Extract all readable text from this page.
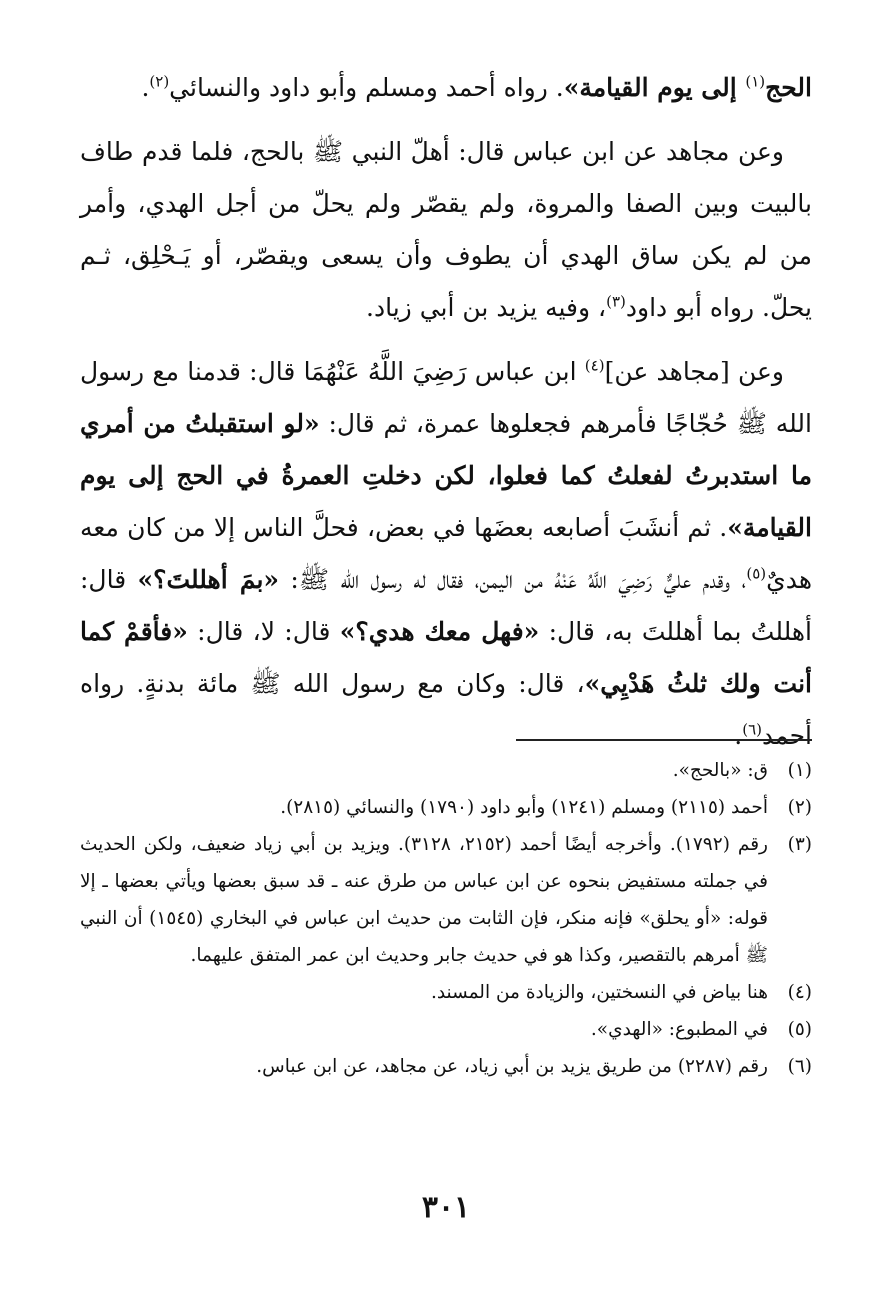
الحج$^{(١)}$ إلى يوم القيامة». رواه أحمد ومسلم وأبو داود والنسائي$^{(٢)}$.

وعن مجاهد عن ابن عباس قال: أهلّ النبي ﷺ بالحج، فلما قدم طاف بالبيت وبين الصفا والمروة، ولم يقصّر ولم يحلّ من أجل الهدي، وأمر من لم يكن ساق الهدي أن يطوف وأن يسعى ويقصّر، أو يَـحْلِق، ثـم يحلّ. رواه أبو داود$^{(٣)}$، وفيه يزيد بن أبي زياد.

وعن [مجاهد عن]$^{(٤)}$ ابن عباس رَضِيَ اللَّهُ عَنْهُمَا قال: قدمنا مع رسول الله ﷺ حُجّاجًا فأمرهم فجعلوها عمرة، ثم قال: «لو استقبلتُ من أمري ما استدبرتُ لفعلتُ كما فعلوا، لكن دخلتِ العمرةُ في الحج إلى يوم القيامة». ثم أنشَبَ أصابعه بعضَها في بعض، فحلَّ الناس إلا من كان معه هديٌ$^{(٥)}$، وقدم عليٌّ رَضِيَ اللَّهُ عَنْهُ من اليمن، فقال له رسول الله ﷺ: «بمَ أهللتَ؟» قال: أهللتُ بما أهللتَ به، قال: «فهل معك هدي؟» قال: لا، قال: «فأقمْ كما أنت ولك ثلثُ هَدْيِي»، قال: وكان مع رسول الله ﷺ مائة بدنةٍ. رواه أحمد$^{(٦)}$.

(١)
ق: «بالحج».
(٢)
أحمد (٢١١٥) ومسلم (١٢٤١) وأبو داود (١٧٩٠) والنسائي (٢٨١٥).
(٣)
رقم (١٧٩٢). وأخرجه أيضًا أحمد (٢١٥٢، ٣١٢٨). ويزيد بن أبي زياد ضعيف، ولكن الحديث في جملته مستفيض بنحوه عن ابن عباس من طرق عنه ـ قد سبق بعضها ويأتي بعضها ـ إلا قوله: «أو يحلق» فإنه منكر، فإن الثابت من حديث ابن عباس في البخاري (١٥٤٥) أن النبي ﷺ أمرهم بالتقصير، وكذا هو في حديث جابر وحديث ابن عمر المتفق عليهما.
(٤)
هنا بياض في النسختين، والزيادة من المسند.
(٥)
في المطبوع: «الهدي».
(٦)
رقم (٢٢٨٧) من طريق يزيد بن أبي زياد، عن مجاهد، عن ابن عباس.
٣٠١
